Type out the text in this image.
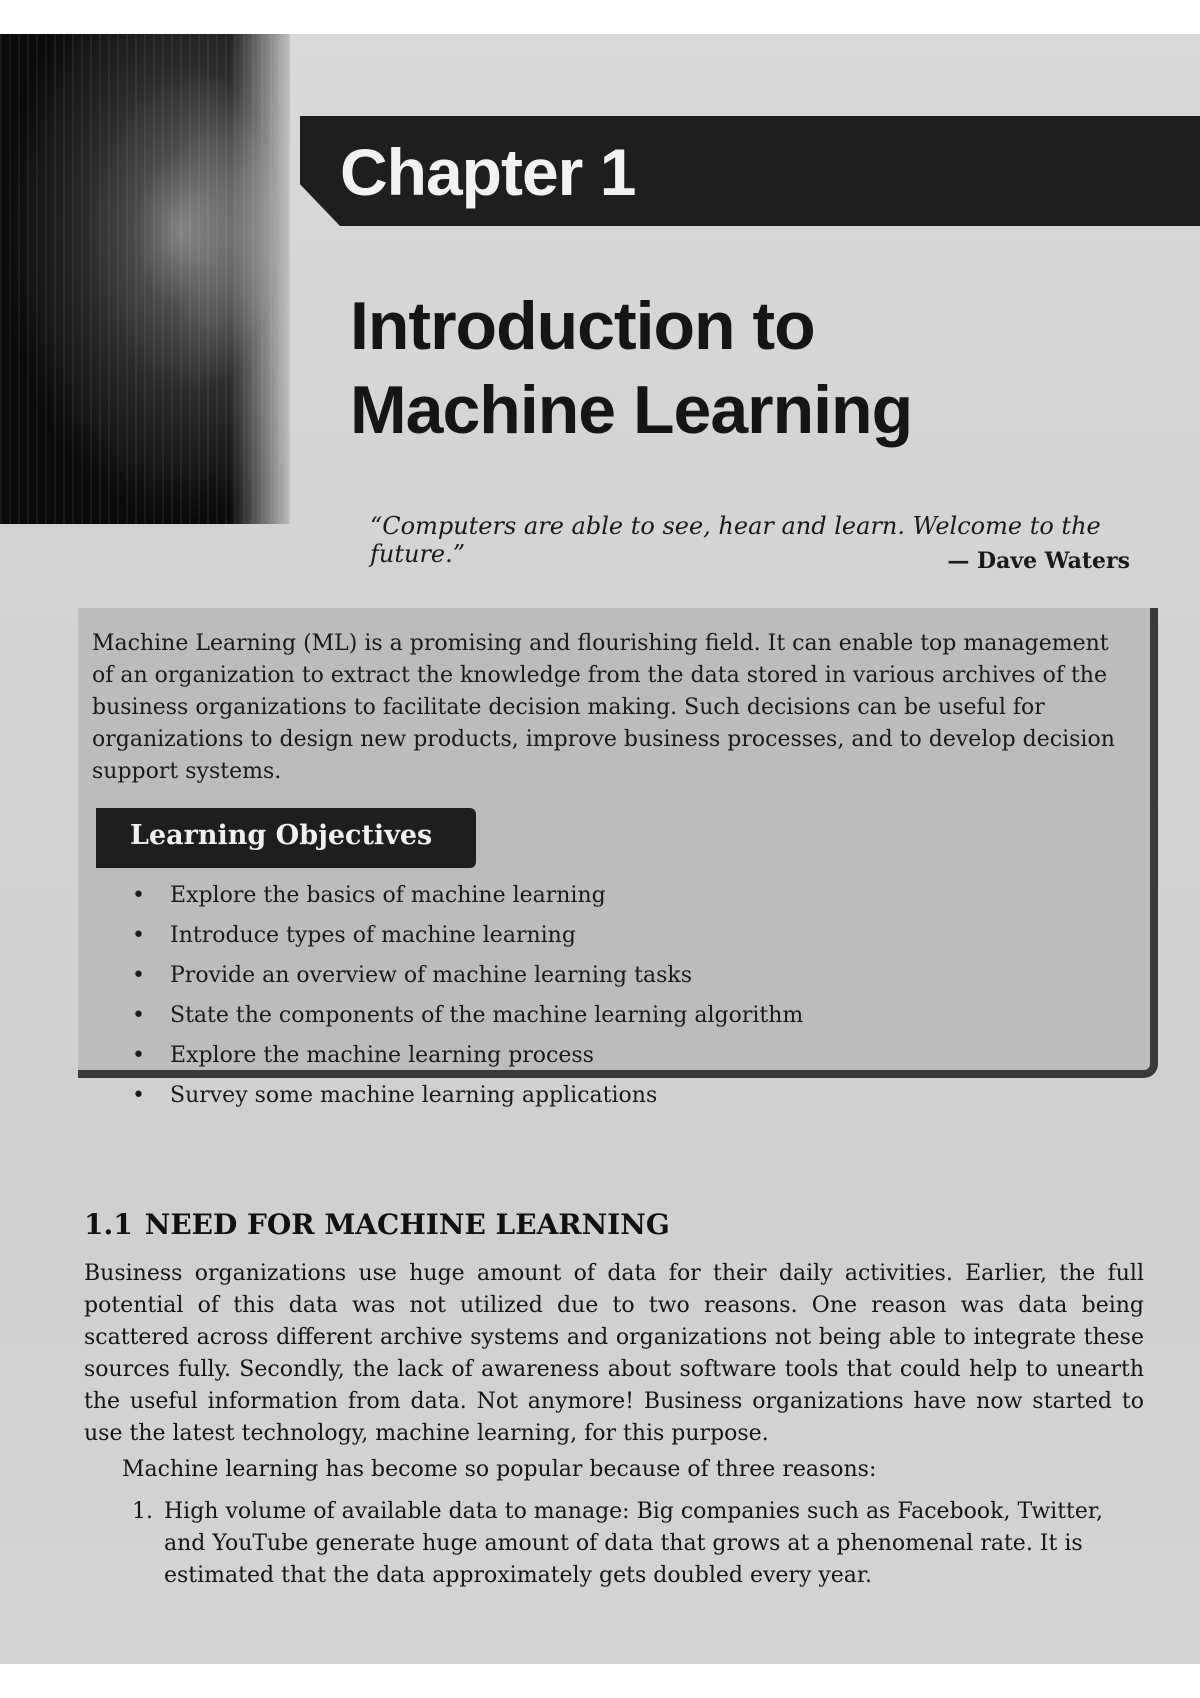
Chapter 1
Introduction to
Machine Learning
“Computers are able to see, hear and learn. Welcome to the future.”	— Dave Waters

Machine Learning (ML) is a promising and flourishing field. It can enable top management of an organization to extract the knowledge from the data stored in various archives of the business organizations to facilitate decision making. Such decisions can be useful for organizations to design new products, improve business processes, and to develop decision support systems.

Learning Objectives
• Explore the basics of machine learning
• Introduce types of machine learning
• Provide an overview of machine learning tasks
• State the components of the machine learning algorithm
• Explore the machine learning process
• Survey some machine learning applications
1.1 NEED FOR MACHINE LEARNING

Business organizations use huge amount of data for their daily activities. Earlier, the full potential of this data was not utilized due to two reasons. One reason was data being scattered across different archive systems and organizations not being able to integrate these sources fully. Secondly, the lack of awareness about software tools that could help to unearth the useful information from data. Not anymore! Business organizations have now started to use the latest technology, machine learning, for this purpose.

Machine learning has become so popular because of three reasons:

1. High volume of available data to manage: Big companies such as Facebook, Twitter, and YouTube generate huge amount of data that grows at a phenomenal rate. It is estimated that the data approximately gets doubled every year.
